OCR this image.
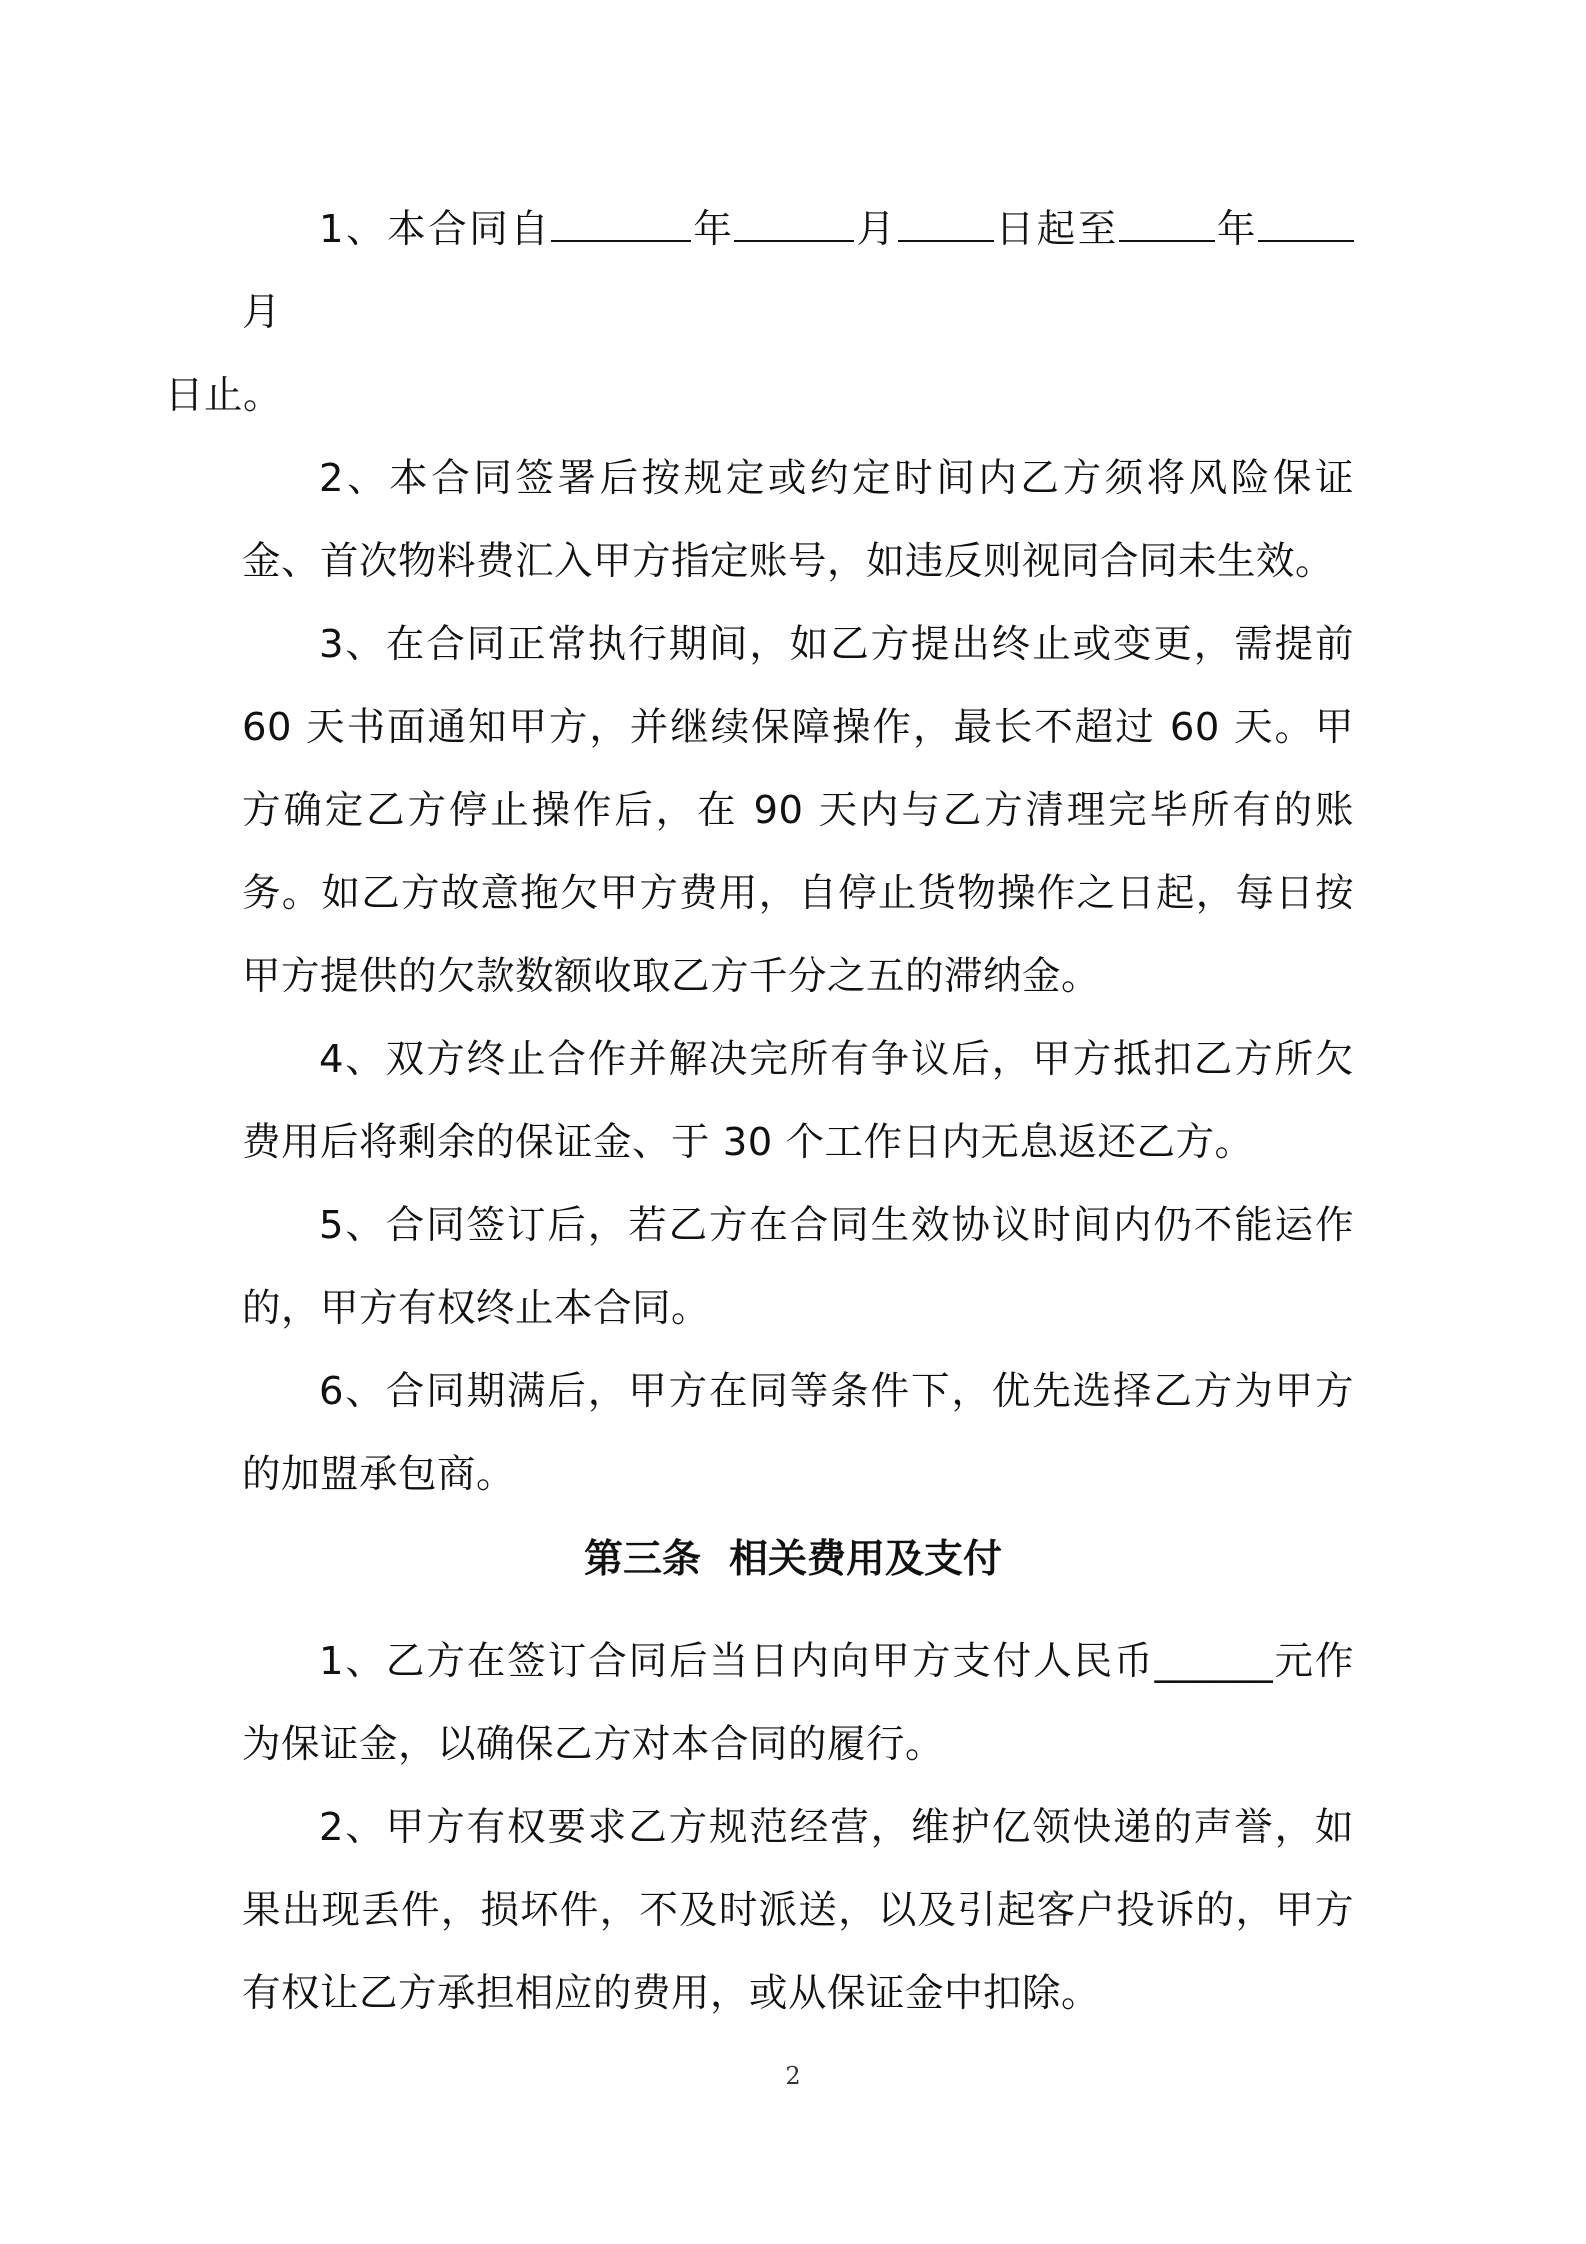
1、本合同自	年	月 日起至 年月
日止。

2、本合同签署后按规定或约定时间内乙方须将风险保证金、首次物料费汇入甲方指定账号，如违反则视同合同未生效。

3、在合同正常执行期间，如乙方提出终止或变更，需提前 60 天书面通知甲方，并继续保障操作，最长不超过 60 天。甲方确定乙方停止操作后，在 90 天内与乙方清理完毕所有的账务。如乙方故意拖欠甲方费用，自停止货物操作之日起，每日按甲方提供的欠款数额收取乙方千分之五的滞纳金。

4、双方终止合作并解决完所有争议后，甲方抵扣乙方所欠费用后将剩余的保证金、于 30 个工作日内无息返还乙方。

5、合同签订后，若乙方在合同生效协议时间内仍不能运作的，甲方有权终止本合同。

6、合同期满后，甲方在同等条件下，优先选择乙方为甲方的加盟承包商。

第三条 相关费用及支付

1、乙方在签订合同后当日内向甲方支付人民币______元作为保证金，以确保乙方对本合同的履行。

2、甲方有权要求乙方规范经营，维护亿领快递的声誉，如果出现丢件，损坏件，不及时派送，以及引起客户投诉的，甲方有权让乙方承担相应的费用，或从保证金中扣除。

2
